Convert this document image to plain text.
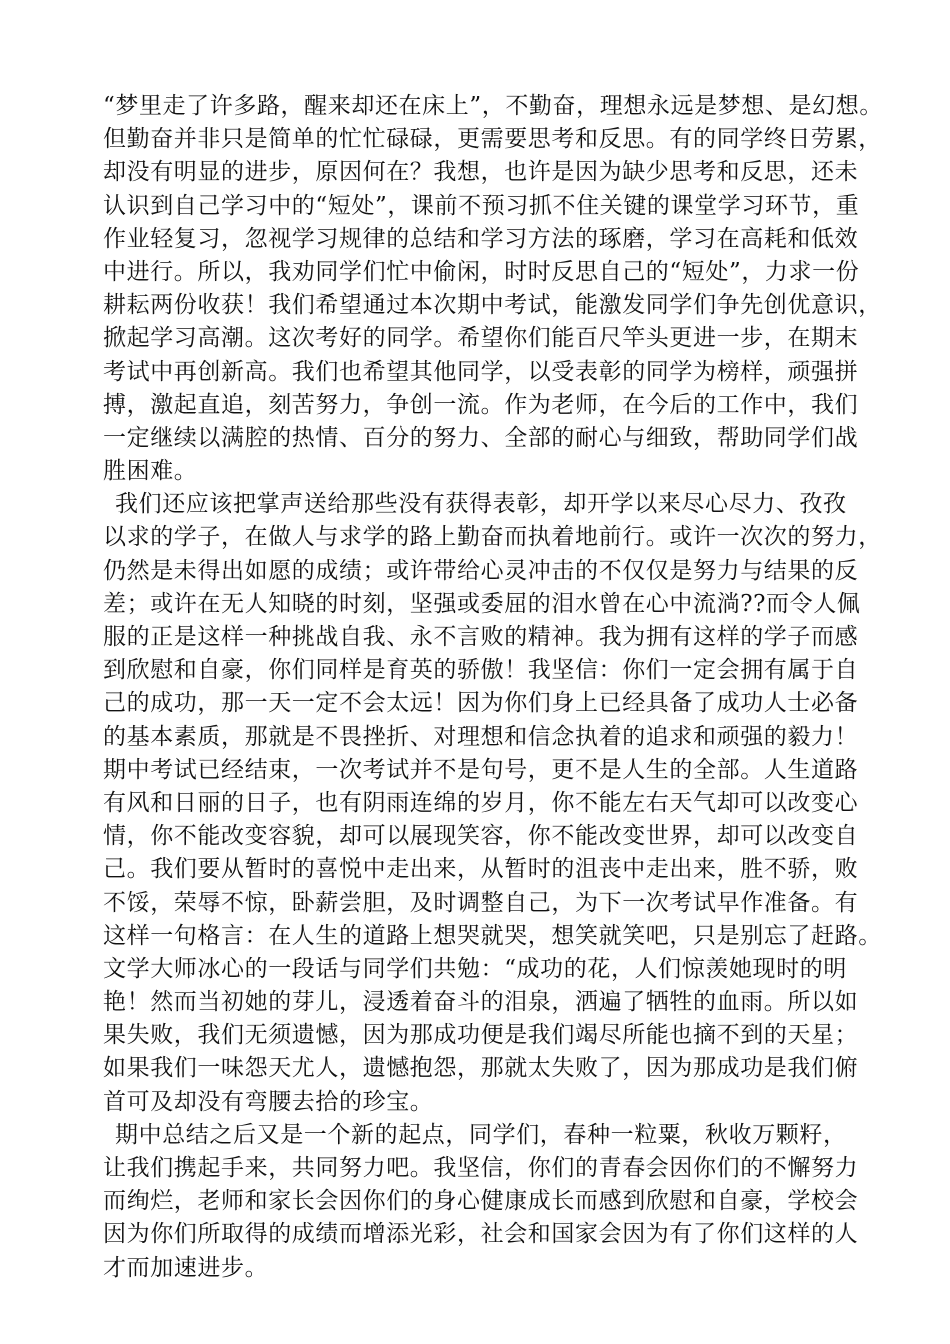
“梦里走了许多路，醒来却还在床上”，不勤奋，理想永远是梦想、是幻想。
但勤奋并非只是简单的忙忙碌碌，更需要思考和反思。有的同学终日劳累，
却没有明显的进步，原因何在？我想，也许是因为缺少思考和反思，还未
认识到自己学习中的“短处”，课前不预习抓不住关键的课堂学习环节，重
作业轻复习，忽视学习规律的总结和学习方法的琢磨，学习在高耗和低效
中进行。所以，我劝同学们忙中偷闲，时时反思自己的“短处”，力求一份
耕耘两份收获！我们希望通过本次期中考试，能激发同学们争先创优意识，
掀起学习高潮。这次考好的同学。希望你们能百尺竿头更进一步，在期末
考试中再创新高。我们也希望其他同学，以受表彰的同学为榜样，顽强拼
搏，激起直追，刻苦努力，争创一流。作为老师，在今后的工作中，我们
一定继续以满腔的热情、百分的努力、全部的耐心与细致，帮助同学们战
胜困难。
我们还应该把掌声送给那些没有获得表彰，却开学以来尽心尽力、孜孜
以求的学子，在做人与求学的路上勤奋而执着地前行。或许一次次的努力，
仍然是未得出如愿的成绩；或许带给心灵冲击的不仅仅是努力与结果的反
差；或许在无人知晓的时刻，坚强或委屈的泪水曾在心中流淌??而令人佩
服的正是这样一种挑战自我、永不言败的精神。我为拥有这样的学子而感
到欣慰和自豪，你们同样是育英的骄傲！我坚信：你们一定会拥有属于自
己的成功，那一天一定不会太远！因为你们身上已经具备了成功人士必备
的基本素质，那就是不畏挫折、对理想和信念执着的追求和顽强的毅力！
期中考试已经结束，一次考试并不是句号，更不是人生的全部。人生道路
有风和日丽的日子，也有阴雨连绵的岁月，你不能左右天气却可以改变心
情，你不能改变容貌，却可以展现笑容，你不能改变世界，却可以改变自
己。我们要从暂时的喜悦中走出来，从暂时的沮丧中走出来，胜不骄，败
不馁，荣辱不惊，卧薪尝胆，及时调整自己，为下一次考试早作准备。有
这样一句格言：在人生的道路上想哭就哭，想笑就笑吧，只是别忘了赶路。
文学大师冰心的一段话与同学们共勉：“成功的花，人们惊羡她现时的明
艳！然而当初她的芽儿，浸透着奋斗的泪泉，洒遍了牺牲的血雨。所以如
果失败，我们无须遗憾，因为那成功便是我们竭尽所能也摘不到的天星；
如果我们一味怨天尤人，遗憾抱怨，那就太失败了，因为那成功是我们俯
首可及却没有弯腰去拾的珍宝。
期中总结之后又是一个新的起点，同学们，春种一粒粟，秋收万颗籽，
让我们携起手来，共同努力吧。我坚信，你们的青春会因你们的不懈努力
而绚烂，老师和家长会因你们的身心健康成长而感到欣慰和自豪，学校会
因为你们所取得的成绩而增添光彩，社会和国家会因为有了你们这样的人
才而加速进步。
